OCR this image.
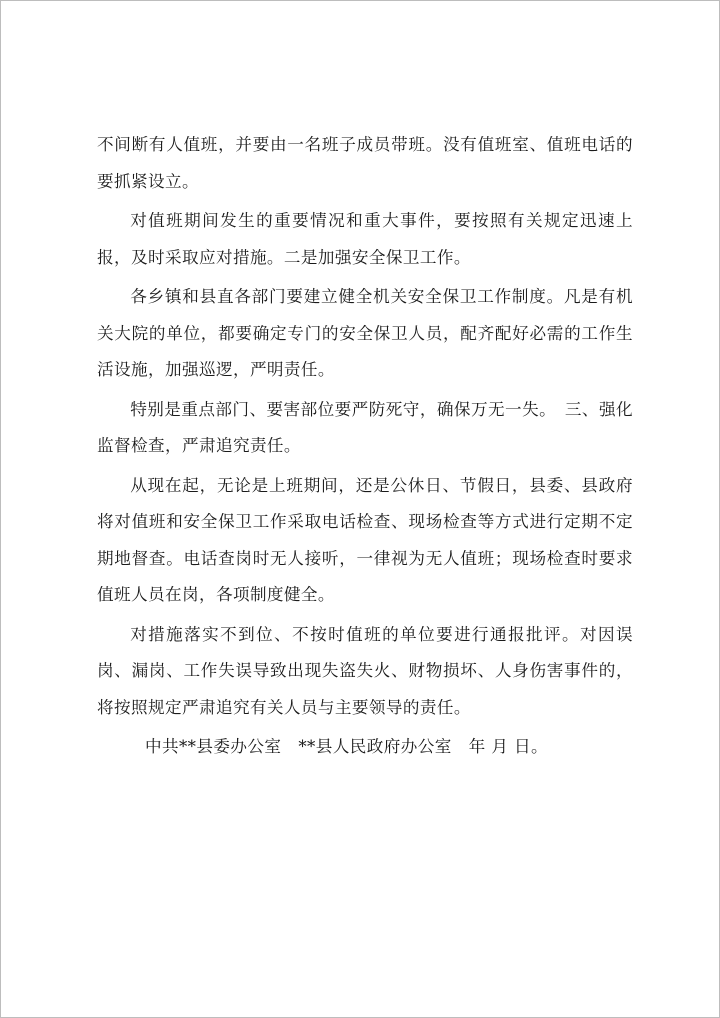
不间断有人值班，并要由一名班子成员带班。没有值班室、值班电话的要抓紧设立。

对值班期间发生的重要情况和重大事件，要按照有关规定迅速上报，及时采取应对措施。二是加强安全保卫工作。

各乡镇和县直各部门要建立健全机关安全保卫工作制度。凡是有机关大院的单位，都要确定专门的安全保卫人员，配齐配好必需的工作生活设施，加强巡逻，严明责任。

特别是重点部门、要害部位要严防死守，确保万无一失。　三、强化监督检查，严肃追究责任。

从现在起，无论是上班期间，还是公休日、节假日，县委、县政府将对值班和安全保卫工作采取电话检查、现场检查等方式进行定期不定期地督查。电话查岗时无人接听，一律视为无人值班；现场检查时要求值班人员在岗，各项制度健全。

对措施落实不到位、不按时值班的单位要进行通报批评。对因误岗、漏岗、工作失误导致出现失盗失火、财物损坏、人身伤害事件的，将按照规定严肃追究有关人员与主要领导的责任。

中共**县委办公室　**县人民政府办公室　年 月 日。
